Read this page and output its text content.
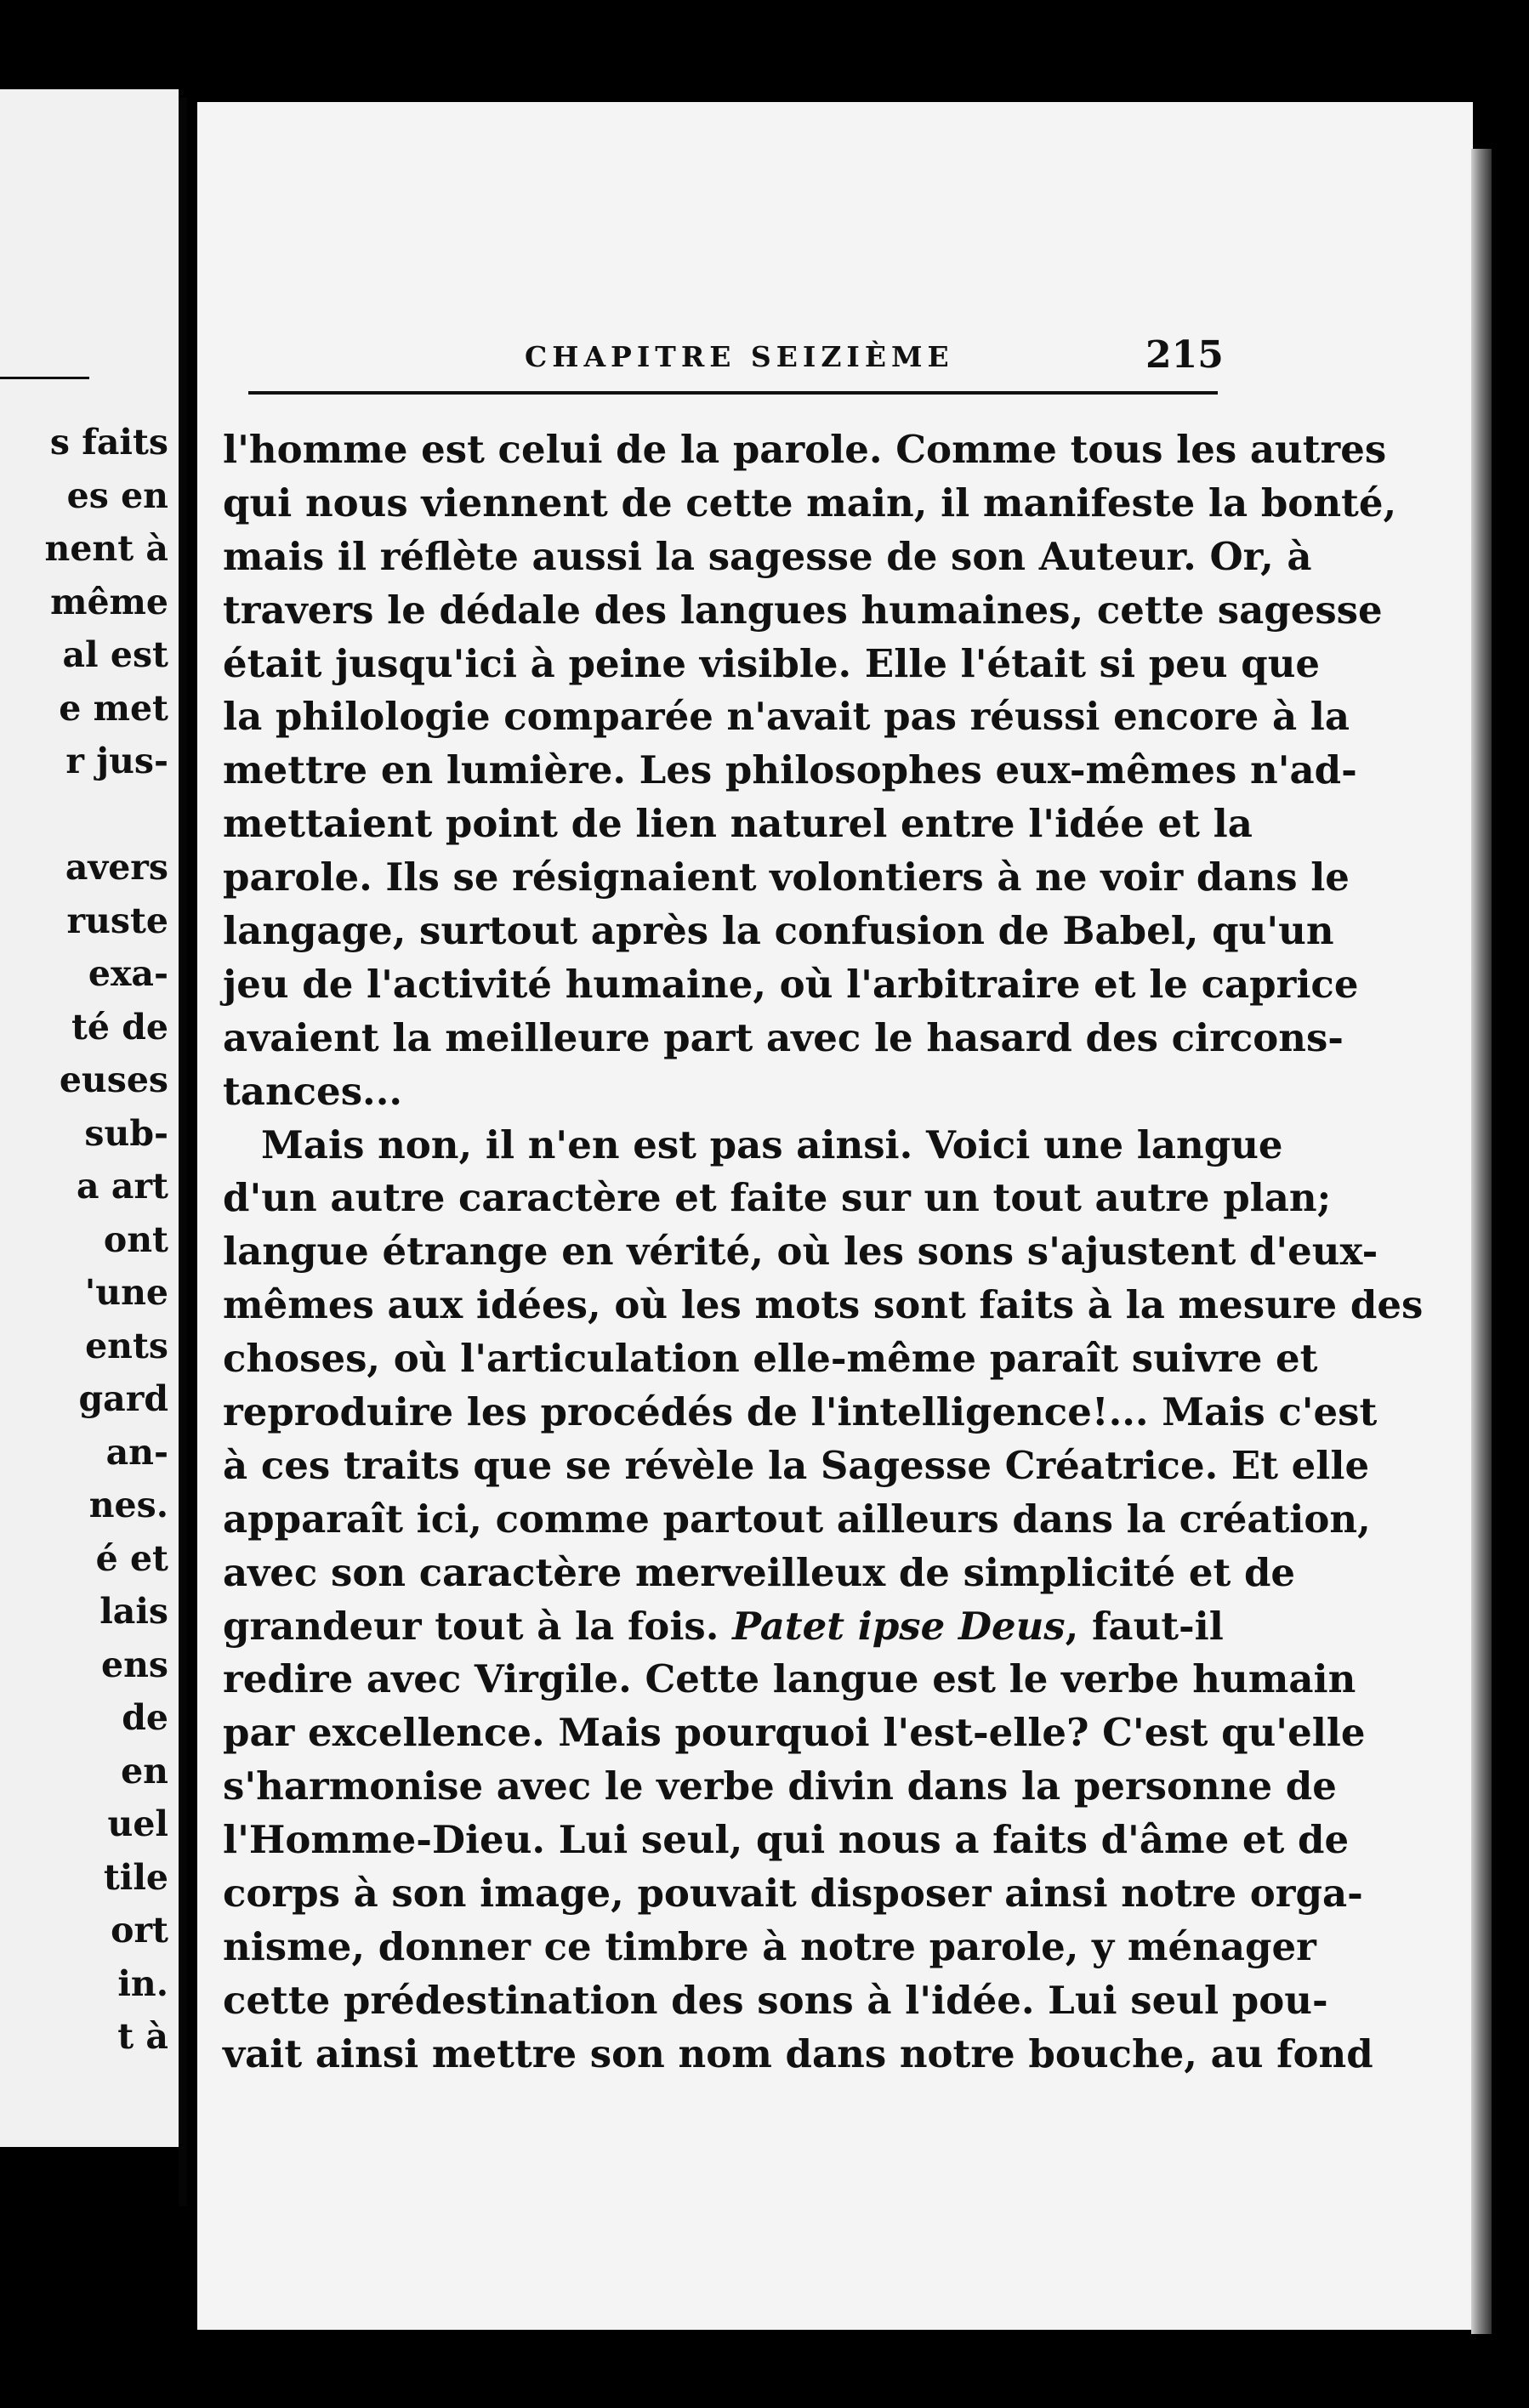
s faits
es en
nent à
même
al est
e met
r jus-
avers
ruste
exa-
té de
euses
sub-
a art
ont
'une
ents
gard
an-
nes.
é et
lais
ens
de
en
uel
tile
ort
in.
t à
CHAPITRE SEIZIÈME	215
l'homme est celui de la parole. Comme tous les autres
qui nous viennent de cette main, il manifeste la bonté,
mais il réflète aussi la sagesse de son Auteur. Or, à
travers le dédale des langues humaines, cette sagesse
était jusqu'ici à peine visible. Elle l'était si peu que
la philologie comparée n'avait pas réussi encore à la
mettre en lumière. Les philosophes eux-mêmes n'ad-
mettaient point de lien naturel entre l'idée et la
parole. Ils se résignaient volontiers à ne voir dans le
langage, surtout après la confusion de Babel, qu'un
jeu de l'activité humaine, où l'arbitraire et le caprice
avaient la meilleure part avec le hasard des circons-
tances...
Mais non, il n'en est pas ainsi. Voici une langue
d'un autre caractère et faite sur un tout autre plan;
langue étrange en vérité, où les sons s'ajustent d'eux-
mêmes aux idées, où les mots sont faits à la mesure des
choses, où l'articulation elle-même paraît suivre et
reproduire les procédés de l'intelligence!... Mais c'est
à ces traits que se révèle la Sagesse Créatrice. Et elle
apparaît ici, comme partout ailleurs dans la création,
avec son caractère merveilleux de simplicité et de
grandeur tout à la fois. Patet ipse Deus, faut-il
redire avec Virgile. Cette langue est le verbe humain
par excellence. Mais pourquoi l'est-elle? C'est qu'elle
s'harmonise avec le verbe divin dans la personne de
l'Homme-Dieu. Lui seul, qui nous a faits d'âme et de
corps à son image, pouvait disposer ainsi notre orga-
nisme, donner ce timbre à notre parole, y ménager
cette prédestination des sons à l'idée. Lui seul pou-
vait ainsi mettre son nom dans notre bouche, au fond
